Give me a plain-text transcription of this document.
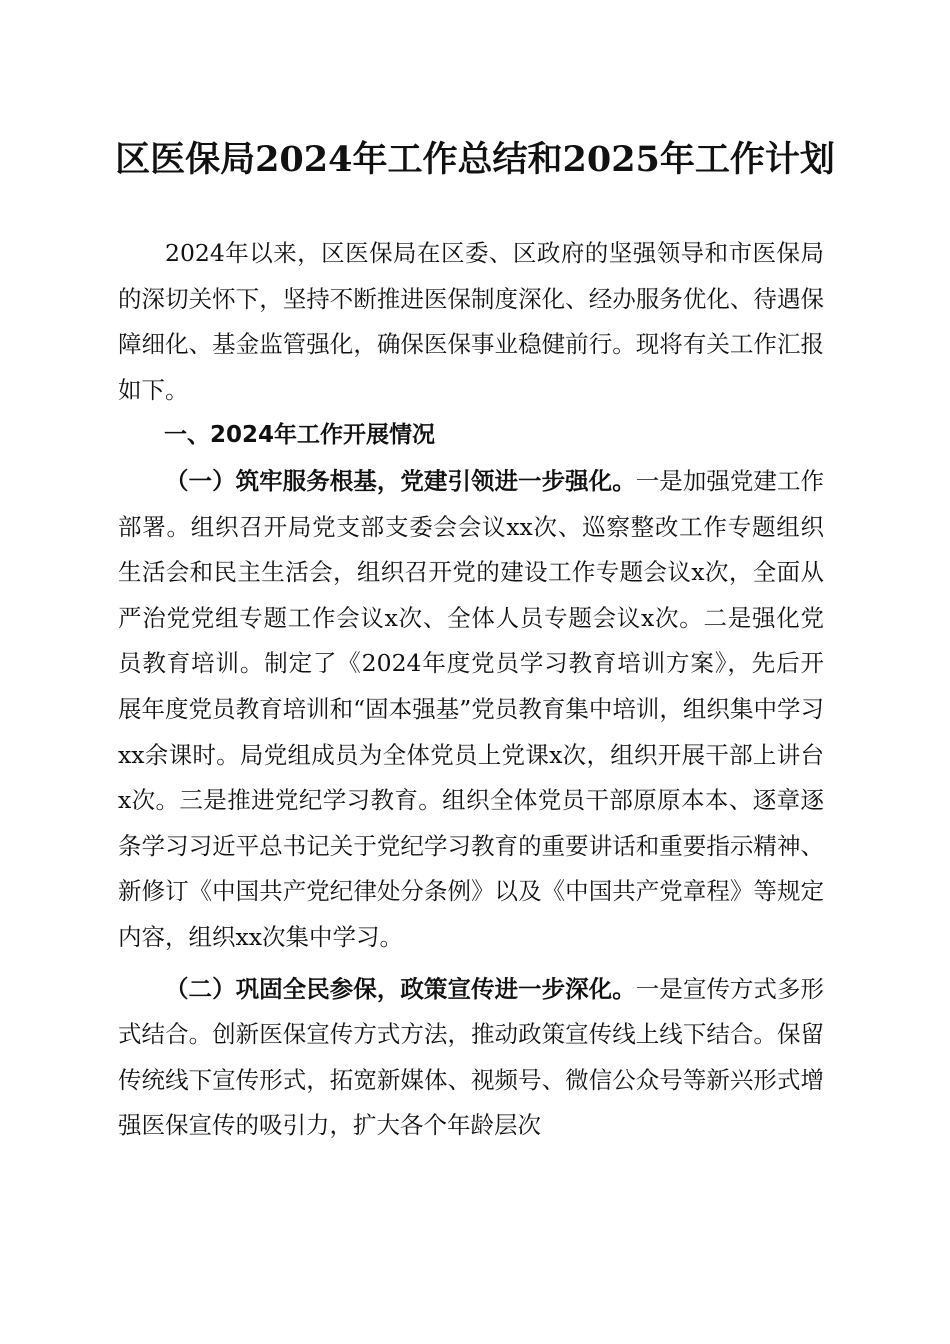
区医保局2024年工作总结和2025年工作计划

2024年以来，区医保局在区委、区政府的坚强领导和市医保局的深切关怀下，坚持不断推进医保制度深化、经办服务优化、待遇保障细化、基金监管强化，确保医保事业稳健前行。现将有关工作汇报如下。

一、2024年工作开展情况

（一）筑牢服务根基，党建引领进一步强化。一是加强党建工作部署。组织召开局党支部支委会会议xx次、巡察整改工作专题组织生活会和民主生活会，组织召开党的建设工作专题会议x次，全面从严治党党组专题工作会议x次、全体人员专题会议x次。二是强化党员教育培训。制定了《2024年度党员学习教育培训方案》，先后开展年度党员教育培训和“固本强基”党员教育集中培训，组织集中学习xx余课时。局党组成员为全体党员上党课x次，组织开展干部上讲台x次。三是推进党纪学习教育。组织全体党员干部原原本本、逐章逐条学习习近平总书记关于党纪学习教育的重要讲话和重要指示精神、新修订《中国共产党纪律处分条例》以及《中国共产党章程》等规定内容，组织xx次集中学习。

（二）巩固全民参保，政策宣传进一步深化。一是宣传方式多形式结合。创新医保宣传方式方法，推动政策宣传线上线下结合。保留传统线下宣传形式，拓宽新媒体、视频号、微信公众号等新兴形式增强医保宣传的吸引力，扩大各个年龄层次
